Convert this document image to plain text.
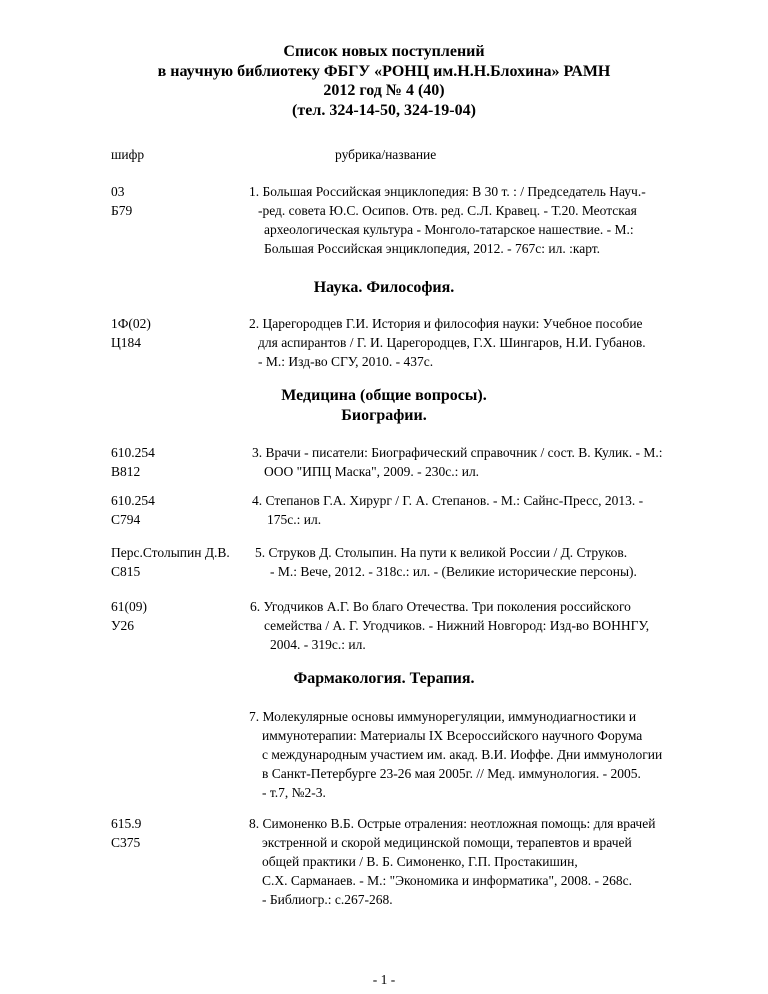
Список новых поступлений
в научную библиотеку ФБГУ «РОНЦ им.Н.Н.Блохина» РАМН
2012 год № 4 (40)
(тел. 324-14-50, 324-19-04)
шифр	рубрика/название
03
Б79
1. Большая Российская энциклопедия: В 30 т. : / Председатель Науч.-
-ред. совета Ю.С. Осипов. Отв. ред. С.Л. Кравец. - Т.20. Меотская
археологическая культура - Монголо-татарское нашествие. - М.:
Большая Российская энциклопедия, 2012. - 767с: ил. :карт.
Наука. Философия.
1Ф(02)
Ц184
2. Царегородцев Г.И. История и философия науки: Учебное пособие
для аспирантов / Г. И. Царегородцев, Г.Х. Шингаров, Н.И. Губанов.
- М.: Изд-во СГУ, 2010. - 437с.
Медицина (общие вопросы).
Биографии.
610.254
В812
3. Врачи - писатели: Биографический справочник / сост. В. Кулик. - М.:
ООО "ИПЦ Маска", 2009. - 230с.: ил.
610.254
С794
4. Степанов Г.А. Хирург / Г. А. Степанов. - М.: Сайнс-Пресс, 2013. -
175с.: ил.
Перс.Столыпин Д.В.
С815
5. Струков Д. Столыпин. На пути к великой России / Д. Струков.
- М.: Вече, 2012. - 318с.: ил. - (Великие исторические персоны).
61(09)
У26
6. Угодчиков А.Г. Во благо Отечества. Три поколения российского
семейства / А. Г. Угодчиков. - Нижний Новгород: Изд-во ВОННГУ,
2004. - 319с.: ил.
Фармакология. Терапия.
7. Молекулярные основы иммунорегуляции, иммунодиагностики и
иммунотерапии: Материалы IX Всероссийского научного Форума
с международным участием им. акад. В.И. Иоффе. Дни иммунологии
в Санкт-Петербурге 23-26 мая 2005г. // Мед. иммунология. - 2005.
- т.7, №2-3.
615.9
С375
8. Симоненко В.Б. Острые отраления: неотложная помощь: для врачей
экстренной и скорой медицинской помощи, терапевтов и врачей
общей практики / В. Б. Симоненко, Г.П. Простакишин,
С.Х. Сарманаев. - М.: "Экономика и информатика", 2008. - 268с.
- Библиогр.: с.267-268.
- 1 -
